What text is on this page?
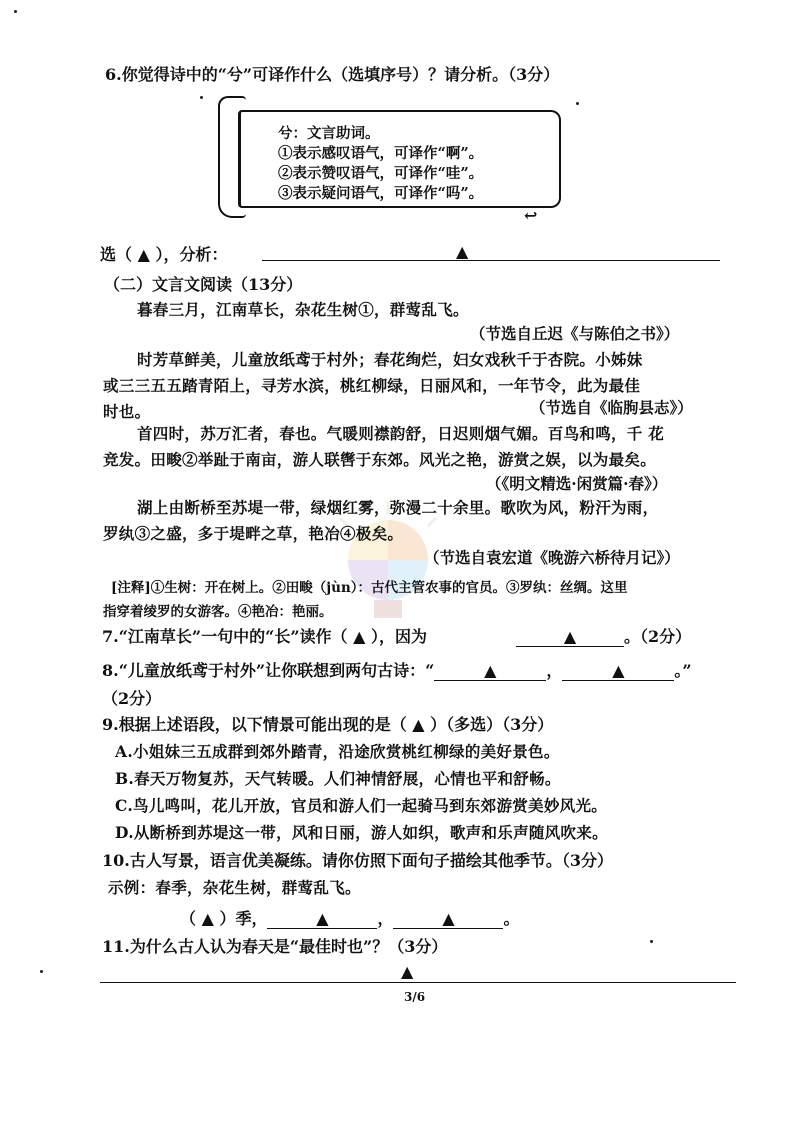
6.你觉得诗中的“兮”可译作什么（选填序号）？请分析。（3分）
兮：文言助词。
①表示感叹语气，可译作“啊”。
②表示赞叹语气，可译作“哇”。
③表示疑问语气，可译作“吗”。
↩
选（ ▲ ），分析：	▲
（二）文言文阅读（13分）
暮春三月，江南草长，杂花生树①，群莺乱飞。
（节选自丘迟《与陈伯之书》）
时芳草鲜美，儿童放纸鸢于村外；春花绚烂，妇女戏秋千于杏院。小姊妹
或三三五五踏青陌上，寻芳水滨，桃红柳绿，日丽风和，一年节令，此为最佳
时也。	（节选自《临朐县志》）
首四时，苏万汇者，春也。气暖则襟韵舒，日迟则烟气媚。百鸟和鸣，千 花
竞发。田畯②举趾于南亩，游人联辔于东郊。风光之艳，游赏之娱，以为最矣。
（《明文精选·闲赏篇·春》）
湖上由断桥至苏堤一带，绿烟红雾，弥漫二十余里。歌吹为风，粉汗为雨，
罗纨③之盛，多于堤畔之草，艳冶④极矣。
（节选自袁宏道《晚游六桥待月记》）
[注释]①生树：开在树上。②田畯（jùn）：古代主管农事的官员。③罗纨：丝绸。这里
指穿着绫罗的女游客。④艳冶：艳丽。
7.“江南草长”一句中的“长”读作（ ▲ ），因为	▲	。（2分）
8.“儿童放纸鸢于村外”让你联想到两句古诗：“	▲	，	▲	。”
（2分）
9.根据上述语段，以下情景可能出现的是（ ▲ ）（多选）（3分）
A.小姐妹三五成群到郊外踏青，沿途欣赏桃红柳绿的美好景色。
B.春天万物复苏，天气转暖。人们神情舒展，心情也平和舒畅。
C.鸟儿鸣叫，花儿开放，官员和游人们一起骑马到东郊游赏美妙风光。
D.从断桥到苏堤这一带，风和日丽，游人如织，歌声和乐声随风吹来。
10.古人写景，语言优美凝练。请你仿照下面句子描绘其他季节。（3分）
示例：春季，杂花生树，群莺乱飞。
（ ▲ ）季，	▲	，	▲	。
11.为什么古人认为春天是“最佳时也”？（3分）
▲
3/6
